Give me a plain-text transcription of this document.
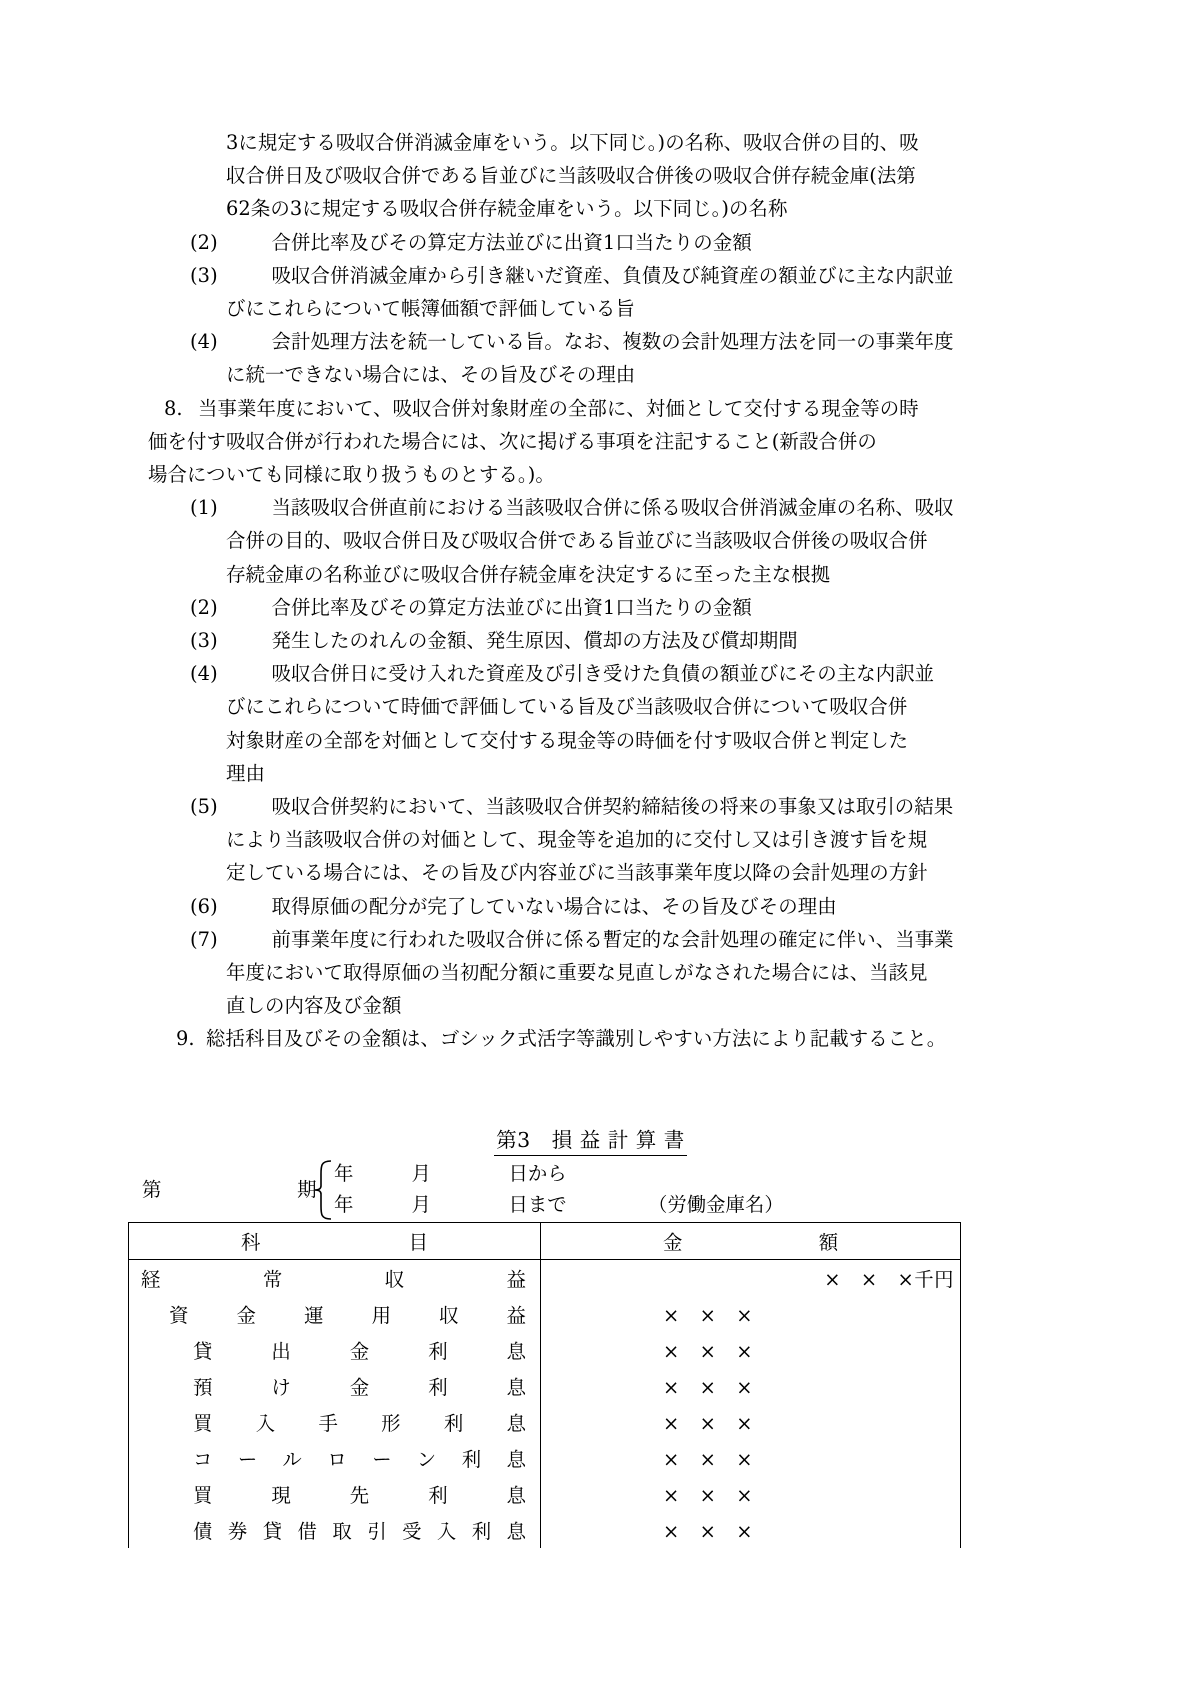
3に規定する吸収合併消滅金庫をいう。以下同じ。)の名称、吸収合併の目的、吸
収合併日及び吸収合併である旨並びに当該吸収合併後の吸収合併存続金庫(法第
62条の3に規定する吸収合併存続金庫をいう。以下同じ。)の名称
(2)	　合併比率及びその算定方法並びに出資1口当たりの金額
(3)	　吸収合併消滅金庫から引き継いだ資産、負債及び純資産の額並びに主な内訳並
びにこれらについて帳簿価額で評価している旨
(4)	　会計処理方法を統一している旨。なお、複数の会計処理方法を同一の事業年度
に統一できない場合には、その旨及びその理由
8. 当事業年度において、吸収合併対象財産の全部に、対価として交付する現金等の時
価を付す吸収合併が行われた場合には、次に掲げる事項を注記すること(新設合併の
場合についても同様に取り扱うものとする。)。
(1)	　当該吸収合併直前における当該吸収合併に係る吸収合併消滅金庫の名称、吸収
合併の目的、吸収合併日及び吸収合併である旨並びに当該吸収合併後の吸収合併
存続金庫の名称並びに吸収合併存続金庫を決定するに至った主な根拠
(2)	　合併比率及びその算定方法並びに出資1口当たりの金額
(3)	　発生したのれんの金額、発生原因、償却の方法及び償却期間
(4)	　吸収合併日に受け入れた資産及び引き受けた負債の額並びにその主な内訳並
びにこれらについて時価で評価している旨及び当該吸収合併について吸収合併
対象財産の全部を対価として交付する現金等の時価を付す吸収合併と判定した
理由
(5)	　吸収合併契約において、当該吸収合併契約締結後の将来の事象又は取引の結果
により当該吸収合併の対価として、現金等を追加的に交付し又は引き渡す旨を規
定している場合には、その旨及び内容並びに当該事業年度以降の会計処理の方針
(6)	　取得原価の配分が完了していない場合には、その旨及びその理由
(7)	　前事業年度に行われた吸収合併に係る暫定的な会計処理の確定に伴い、当事業
年度において取得原価の当初配分額に重要な見直しがなされた場合には、当該見
直しの内容及び金額
9. 総括科目及びその金額は、ゴシック式活字等識別しやすい方法により記載すること。
第3　損 益 計 算 書
第　　　　　　　期
年　　　月　　　　日から
年　　　月　　　　日まで	（労働金庫名）
科　　　　目	金額

経常収益	×　×　×千円

資金運用収益	×　×　×

貸出金利息	×　×　×

預け金利息	×　×　×

買入手形利息	×　×　×

コールローン利息	×　×　×

買現先利息	×　×　×

債券貸借取引受入利息	×　×　×
